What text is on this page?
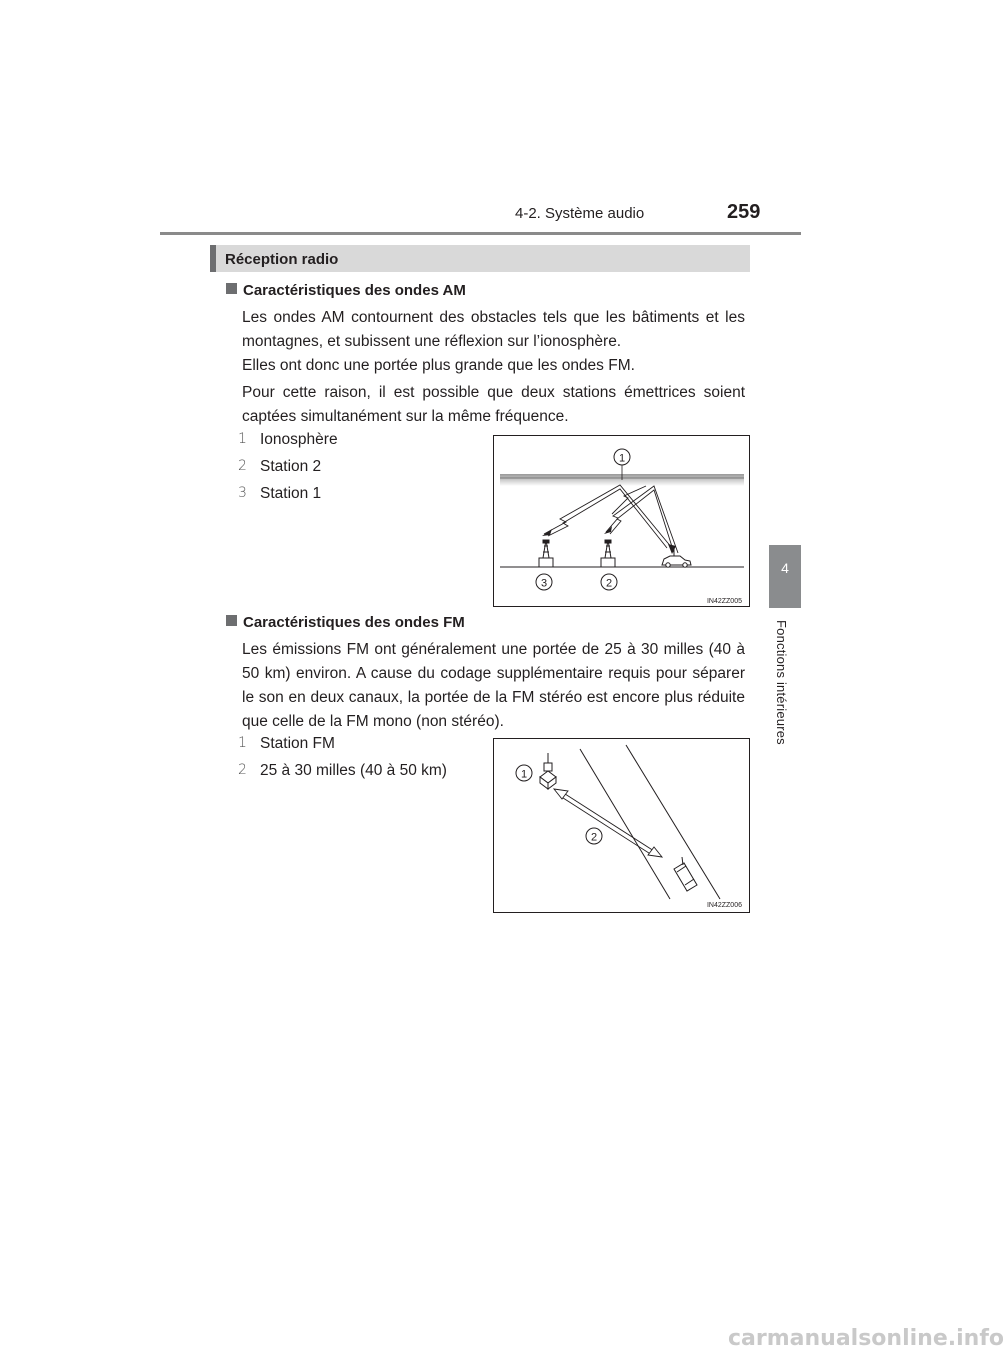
4-2. Système audio	259
4
Fonctions intérieures
Réception radio
Caractéristiques des ondes AM
Les ondes AM contournent des obstacles tels que les bâtiments et les montagnes, et subissent une réflexion sur l’ionosphère.
Elles ont donc une portée plus grande que les ondes FM.
Pour cette raison, il est possible que deux stations émettrices soient captées simultanément sur la même fréquence.
1 Ionosphère
2 Station 2
3 Station 1
1
3	2
IN42ZZ005
Caractéristiques des ondes FM
Les émissions FM ont généralement une portée de 25 à 30 milles (40 à 50 km) environ. A cause du codage supplémentaire requis pour séparer le son en deux canaux, la portée de la FM stéréo est encore plus réduite que celle de la FM mono (non stéréo).
1 Station FM
2 25 à 30 milles (40 à 50 km)	1
2
IN42ZZ006
carmanualsonline.info
